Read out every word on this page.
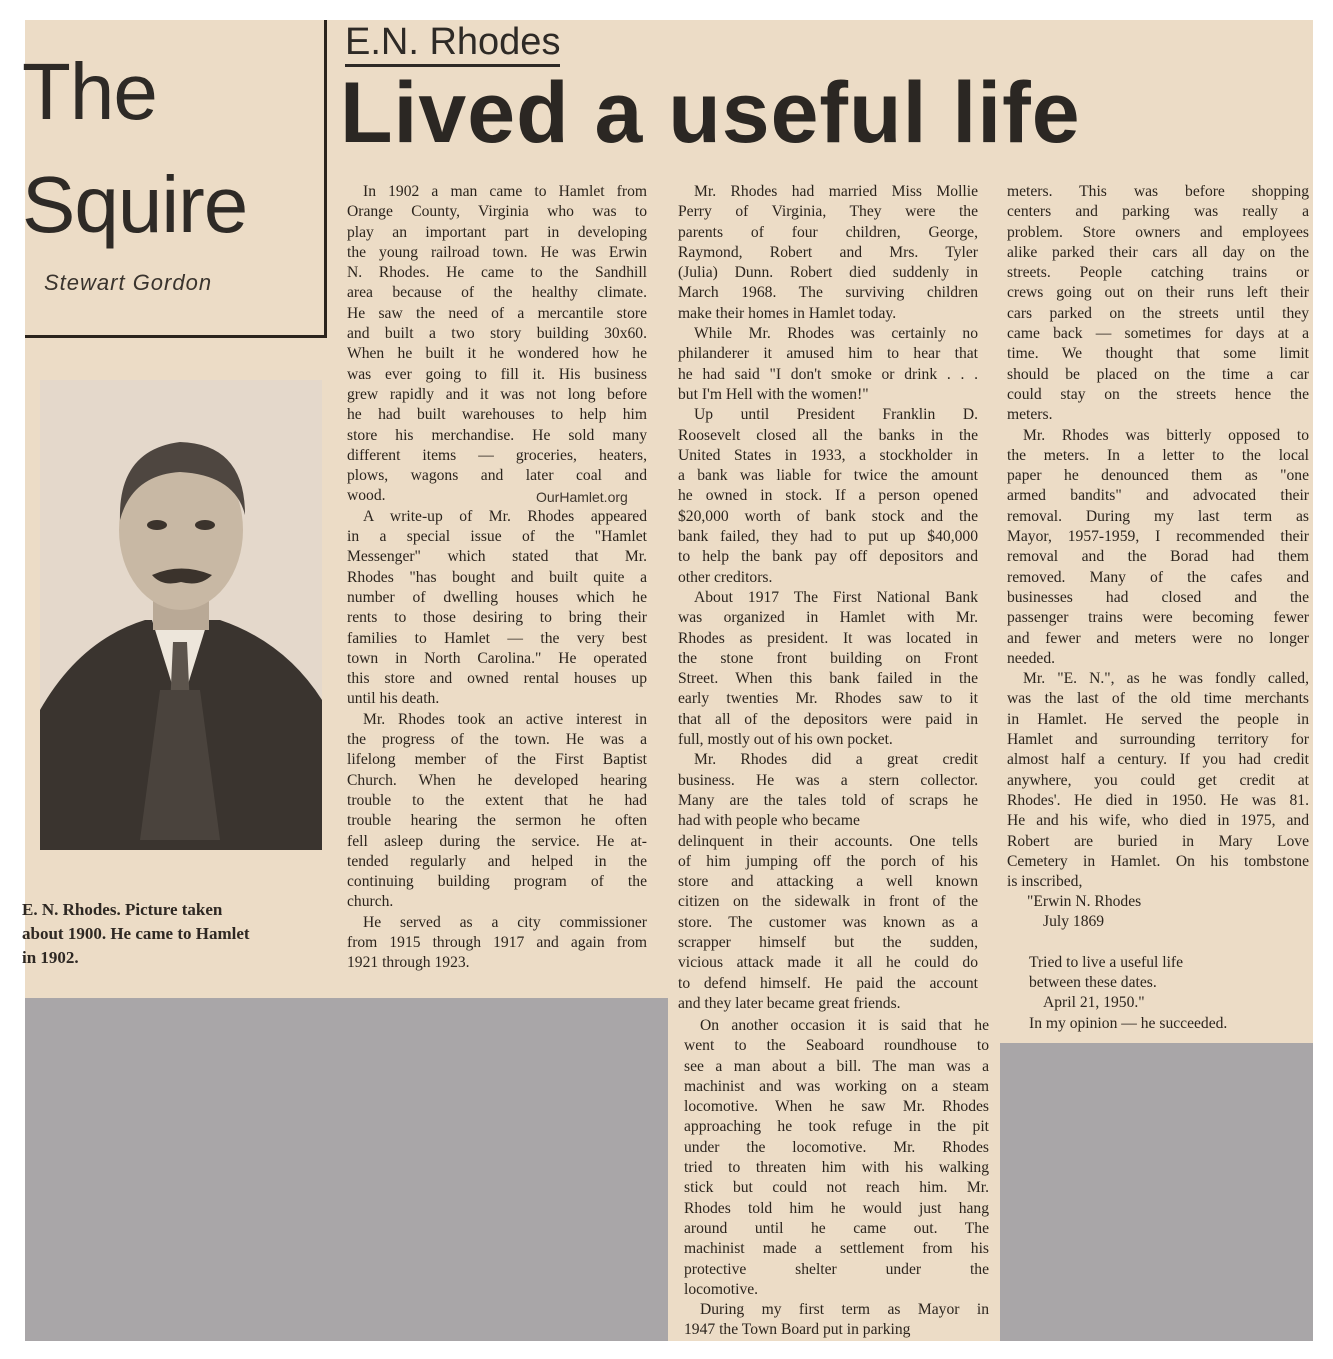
The
Squire
Stewart Gordon
E.N. Rhodes
Lived a useful life
E. N. Rhodes. Picture taken
about 1900. He came to Hamlet
in 1902.
In 1902 a man came to Hamlet from
Orange County, Virginia who was to
play an important part in developing
the young railroad town. He was Erwin
N. Rhodes. He came to the Sandhill
area because of the healthy climate.
He saw the need of a mercantile store
and built a two story building 30x60.
When he built it he wondered how he
was ever going to fill it. His business
grew rapidly and it was not long before
he had built warehouses to help him
store his merchandise. He sold many
different items — groceries, heaters,
plows, wagons and later coal and
wood.
A write-up of Mr. Rhodes appeared
in a special issue of the "Hamlet
Messenger" which stated that Mr.
Rhodes "has bought and built quite a
number of dwelling houses which he
rents to those desiring to bring their
families to Hamlet — the very best
town in North Carolina." He operated
this store and owned rental houses up
until his death.
Mr. Rhodes took an active interest in
the progress of the town. He was a
lifelong member of the First Baptist
Church. When he developed hearing
trouble to the extent that he had
trouble hearing the sermon he often
fell asleep during the service. He at-
tended regularly and helped in the
continuing building program of the
church.
He served as a city commissioner
from 1915 through 1917 and again from
1921 through 1923.
Mr. Rhodes had married Miss Mollie
Perry of Virginia, They were the
parents of four children, George,
Raymond, Robert and Mrs. Tyler
(Julia) Dunn. Robert died suddenly in
March 1968. The surviving children
make their homes in Hamlet today.
While Mr. Rhodes was certainly no
philanderer it amused him to hear that
he had said "I don't smoke or drink . . .
but I'm Hell with the women!"
Up until President Franklin D.
Roosevelt closed all the banks in the
United States in 1933, a stockholder in
a bank was liable for twice the amount
he owned in stock. If a person opened
$20,000 worth of bank stock and the
bank failed, they had to put up $40,000
to help the bank pay off depositors and
other creditors.
About 1917 The First National Bank
was organized in Hamlet with Mr.
Rhodes as president. It was located in
the stone front building on Front
Street. When this bank failed in the
early twenties Mr. Rhodes saw to it
that all of the depositors were paid in
full, mostly out of his own pocket.
Mr. Rhodes did a great credit
business. He was a stern collector.
Many are the tales told of scraps he
had with people who became
delinquent in their accounts. One tells
of him jumping off the porch of his
store and attacking a well known
citizen on the sidewalk in front of the
store. The customer was known as a
scrapper himself but the sudden,
vicious attack made it all he could do
to defend himself. He paid the account
and they later became great friends.
On another occasion it is said that he
went to the Seaboard roundhouse to
see a man about a bill. The man was a
machinist and was working on a steam
locomotive. When he saw Mr. Rhodes
approaching he took refuge in the pit
under the locomotive. Mr. Rhodes
tried to threaten him with his walking
stick but could not reach him. Mr.
Rhodes told him he would just hang
around until he came out. The
machinist made a settlement from his
protective shelter under the
locomotive.
During my first term as Mayor in
1947 the Town Board put in parking
meters. This was before shopping
centers and parking was really a
problem. Store owners and employees
alike parked their cars all day on the
streets. People catching trains or
crews going out on their runs left their
cars parked on the streets until they
came back — sometimes for days at a
time. We thought that some limit
should be placed on the time a car
could stay on the streets hence the
meters.
Mr. Rhodes was bitterly opposed to
the meters. In a letter to the local
paper he denounced them as "one
armed bandits" and advocated their
removal. During my last term as
Mayor, 1957-1959, I recommended their
removal and the Borad had them
removed. Many of the cafes and
businesses had closed and the
passenger trains were becoming fewer
and fewer and meters were no longer
needed.
Mr. "E. N.", as he was fondly called,
was the last of the old time merchants
in Hamlet. He served the people in
Hamlet and surrounding territory for
almost half a century. If you had credit
anywhere, you could get credit at
Rhodes'. He died in 1950. He was 81.
He and his wife, who died in 1975, and
Robert are buried in Mary Love
Cemetery in Hamlet. On his tombstone
is inscribed,
"Erwin N. Rhodes
July 1869
Tried to live a useful life
between these dates.
April 21, 1950."
In my opinion — he succeeded.
OurHamlet.org
